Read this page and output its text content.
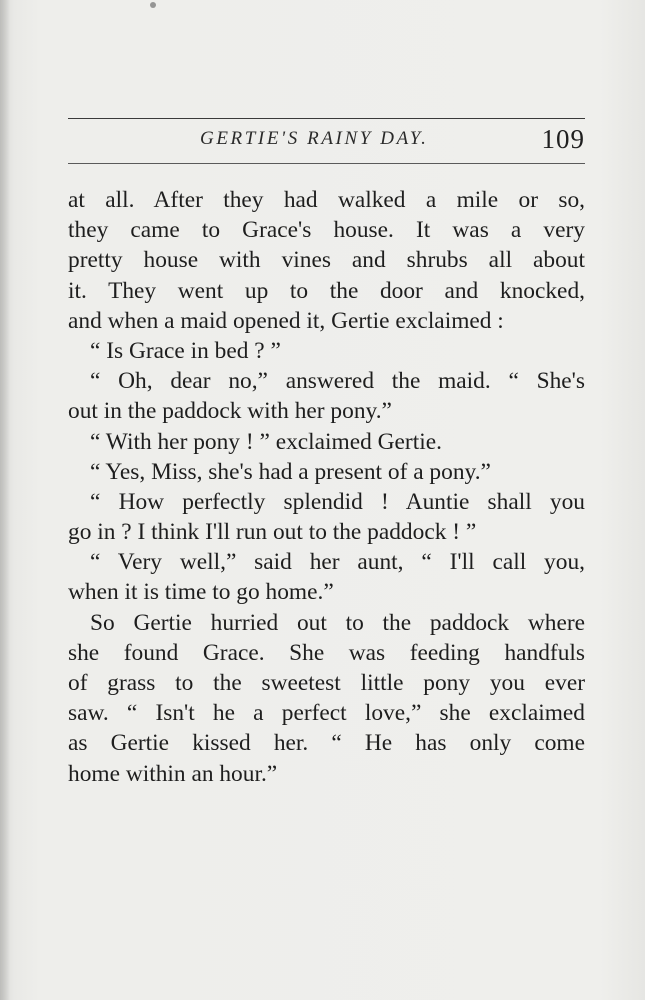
GERTIE'S RAINY DAY.	109
at all. After they had walked a mile or so,
they came to Grace's house. It was a very
pretty house with vines and shrubs all about
it. They went up to the door and knocked,
and when a maid opened it, Gertie exclaimed :
“ Is Grace in bed ? ”
“ Oh, dear no,” answered the maid. “ She's
out in the paddock with her pony.”
“ With her pony ! ” exclaimed Gertie.
“ Yes, Miss, she's had a present of a pony.”
“ How perfectly splendid ! Auntie shall you
go in ? I think I'll run out to the paddock ! ”
“ Very well,” said her aunt, “ I'll call you,
when it is time to go home.”
So Gertie hurried out to the paddock where
she found Grace. She was feeding handfuls
of grass to the sweetest little pony you ever
saw. “ Isn't he a perfect love,” she exclaimed
as Gertie kissed her. “ He has only come
home within an hour.”
